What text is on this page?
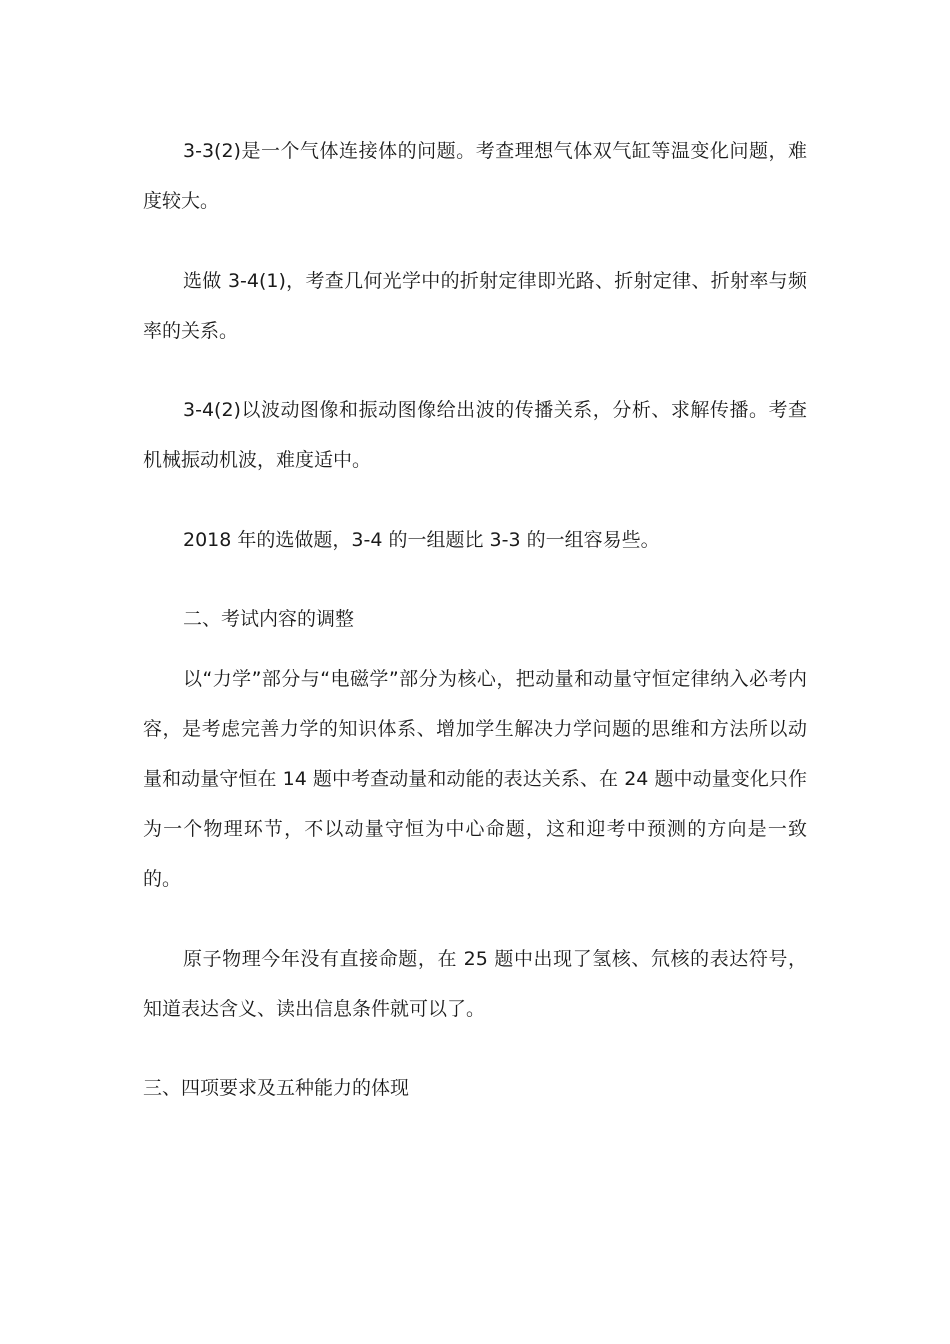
3-3(2)是一个气体连接体的问题。考查理想气体双气缸等温变化问题，难度较大。

选做 3-4(1)，考查几何光学中的折射定律即光路、折射定律、折射率与频率的关系。

3-4(2)以波动图像和振动图像给出波的传播关系，分析、求解传播。考查机械振动机波，难度适中。

2018 年的选做题，3-4 的一组题比 3-3 的一组容易些。

二、考试内容的调整

以“力学”部分与“电磁学”部分为核心，把动量和动量守恒定律纳入必考内容，是考虑完善力学的知识体系、增加学生解决力学问题的思维和方法所以动量和动量守恒在 14 题中考查动量和动能的表达关系、在 24 题中动量变化只作为一个物理环节，不以动量守恒为中心命题，这和迎考中预测的方向是一致的。

原子物理今年没有直接命题，在 25 题中出现了氢核、氘核的表达符号，知道表达含义、读出信息条件就可以了。

三、四项要求及五种能力的体现
